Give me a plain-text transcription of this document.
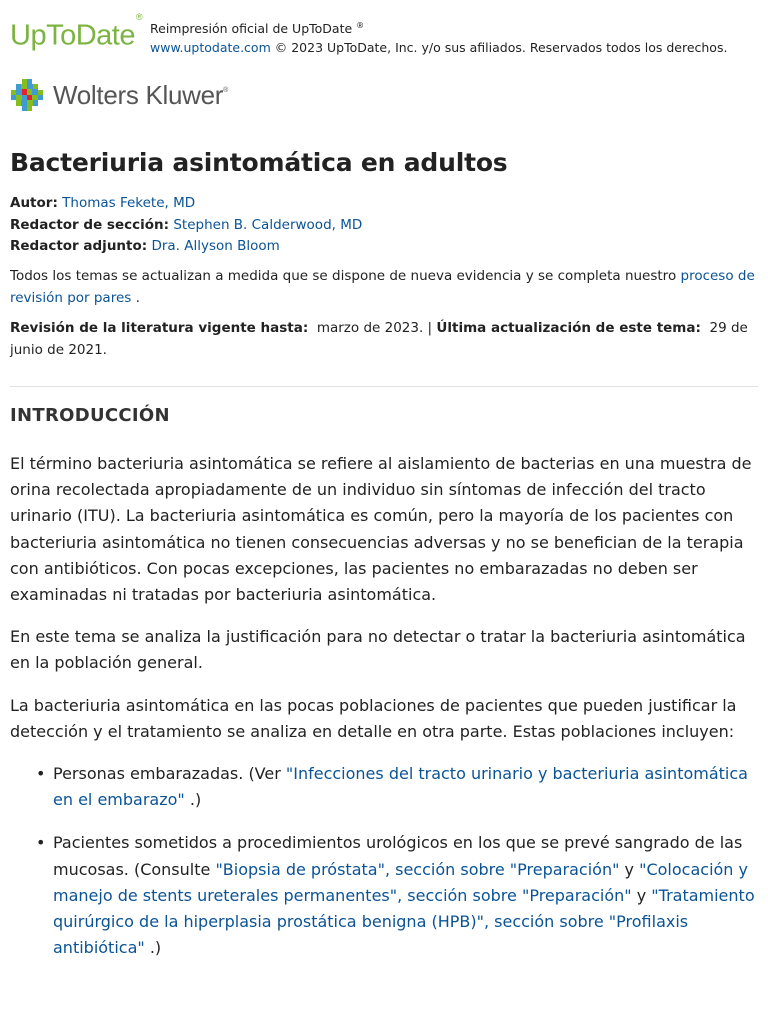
UpToDate®
Reimpresión oficial de UpToDate ®
www.uptodate.com © 2023 UpToDate, Inc. y/o sus afiliados. Reservados todos los derechos.
Wolters Kluwer®
Bacteriuria asintomática en adultos
Autor: Thomas Fekete, MD
Redactor de sección: Stephen B. Calderwood, MD
Redactor adjunto: Dra. Allyson Bloom
Todos los temas se actualizan a medida que se dispone de nueva evidencia y se completa nuestro proceso de revisión por pares .
Revisión de la literatura vigente hasta: marzo de 2023. | Última actualización de este tema: 29 de junio de 2021.
INTRODUCCIÓN

El término bacteriuria asintomática se refiere al aislamiento de bacterias en una muestra de orina recolectada apropiadamente de un individuo sin síntomas de infección del tracto urinario (ITU). La bacteriuria asintomática es común, pero la mayoría de los pacientes con bacteriuria asintomática no tienen consecuencias adversas y no se benefician de la terapia con antibióticos. Con pocas excepciones, las pacientes no embarazadas no deben ser examinadas ni tratadas por bacteriuria asintomática.

En este tema se analiza la justificación para no detectar o tratar la bacteriuria asintomática en la población general.

La bacteriuria asintomática en las pocas poblaciones de pacientes que pueden justificar la detección y el tratamiento se analiza en detalle en otra parte. Estas poblaciones incluyen:

• Personas embarazadas. (Ver "Infecciones del tracto urinario y bacteriuria asintomática en el embarazo" .)
• Pacientes sometidos a procedimientos urológicos en los que se prevé sangrado de las mucosas. (Consulte "Biopsia de próstata", sección sobre "Preparación" y "Colocación y manejo de stents ureterales permanentes", sección sobre "Preparación" y "Tratamiento quirúrgico de la hiperplasia prostática benigna (HPB)", sección sobre "Profilaxis antibiótica" .)
